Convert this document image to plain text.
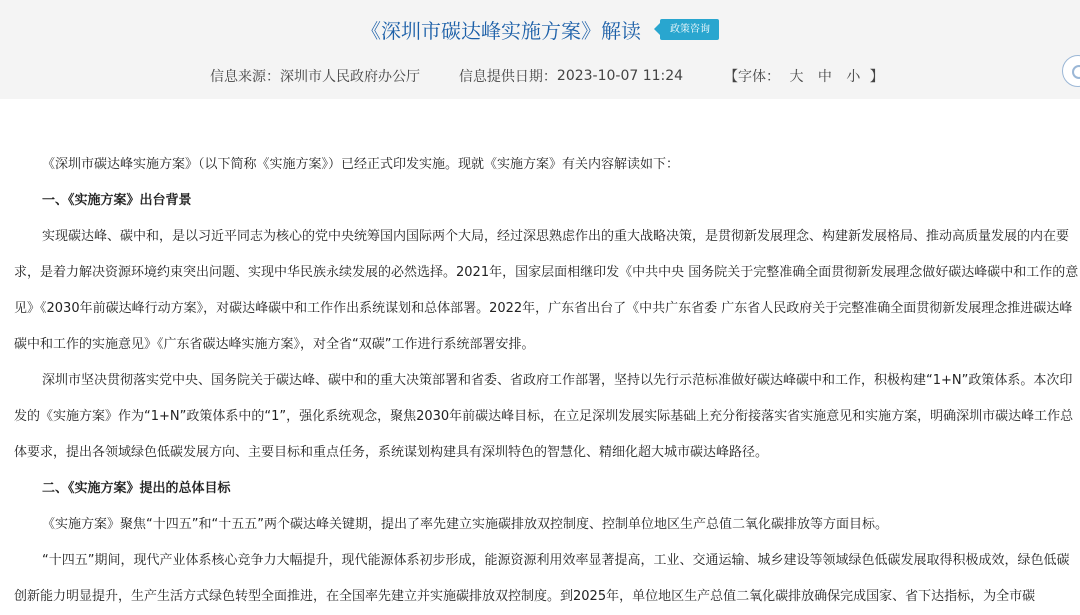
《深圳市碳达峰实施方案》解读	政策咨询
信息来源：深圳市人民政府办公厅	信息提供日期：2023-10-07 11:24	【字体： 大 中 小 】

《深圳市碳达峰实施方案》（以下简称《实施方案》）已经正式印发实施。现就《实施方案》有关内容解读如下：

一、《实施方案》出台背景

实现碳达峰、碳中和，是以习近平同志为核心的党中央统筹国内国际两个大局，经过深思熟虑作出的重大战略决策，是贯彻新发展理念、构建新发展格局、推动高质量发展的内在要求，是着力解决资源环境约束突出问题、实现中华民族永续发展的必然选择。2021年，国家层面相继印发《中共中央 国务院关于完整准确全面贯彻新发展理念做好碳达峰碳中和工作的意见》《2030年前碳达峰行动方案》，对碳达峰碳中和工作作出系统谋划和总体部署。2022年，广东省出台了《中共广东省委 广东省人民政府关于完整准确全面贯彻新发展理念推进碳达峰碳中和工作的实施意见》《广东省碳达峰实施方案》，对全省“双碳”工作进行系统部署安排。

深圳市坚决贯彻落实党中央、国务院关于碳达峰、碳中和的重大决策部署和省委、省政府工作部署，坚持以先行示范标准做好碳达峰碳中和工作，积极构建“1+N”政策体系。本次印发的《实施方案》作为“1+N”政策体系中的“1”，强化系统观念，聚焦2030年前碳达峰目标，在立足深圳发展实际基础上充分衔接落实省实施意见和实施方案，明确深圳市碳达峰工作总体要求，提出各领域绿色低碳发展方向、主要目标和重点任务，系统谋划构建具有深圳特色的智慧化、精细化超大城市碳达峰路径。

二、《实施方案》提出的总体目标

《实施方案》聚焦“十四五”和“十五五”两个碳达峰关键期，提出了率先建立实施碳排放双控制度、控制单位地区生产总值二氧化碳排放等方面目标。

“十四五”期间，现代产业体系核心竞争力大幅提升，现代能源体系初步形成，能源资源利用效率显著提高，工业、交通运输、城乡建设等领域绿色低碳发展取得积极成效，绿色低碳创新能力明显提升，生产生活方式绿色转型全面推进，在全国率先建立并实施碳排放双控制度。到2025年，单位地区生产总值二氧化碳排放确保完成国家、省下达指标，为全市碳
